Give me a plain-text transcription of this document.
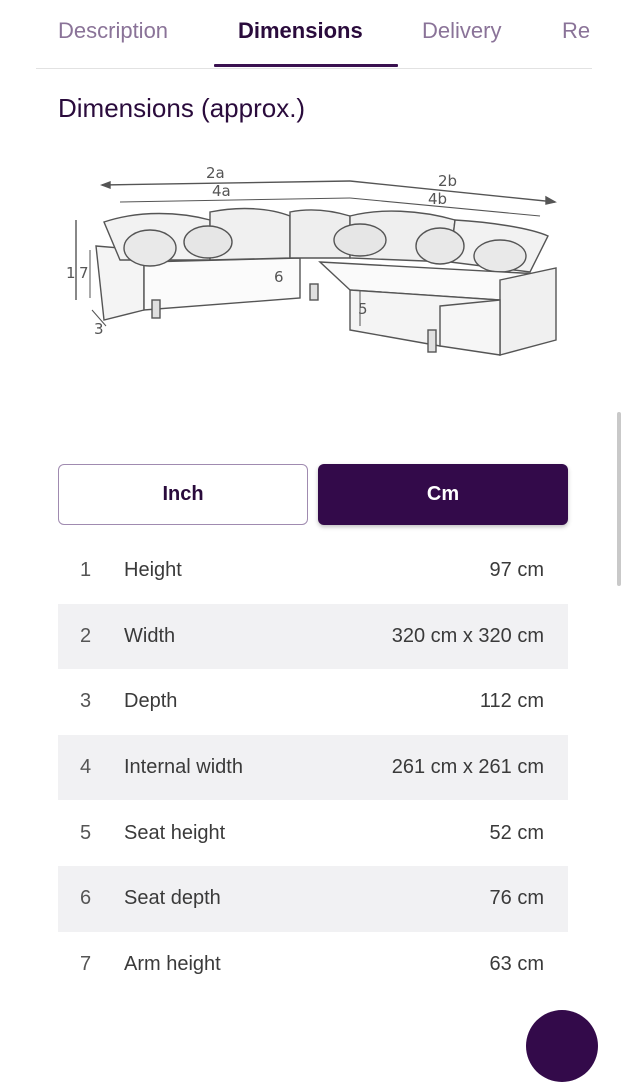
Description	Dimensions	Delivery	Re
Dimensions (approx.)
2a
4a
2b
4b
1 7	6
5
3
Inch	Cm
1	Height	97 cm
2	Width	320 cm x 320 cm
3	Depth	112 cm
4	Internal width	261 cm x 261 cm
5	Seat height	52 cm
6	Seat depth	76 cm
7	Arm height	63 cm
